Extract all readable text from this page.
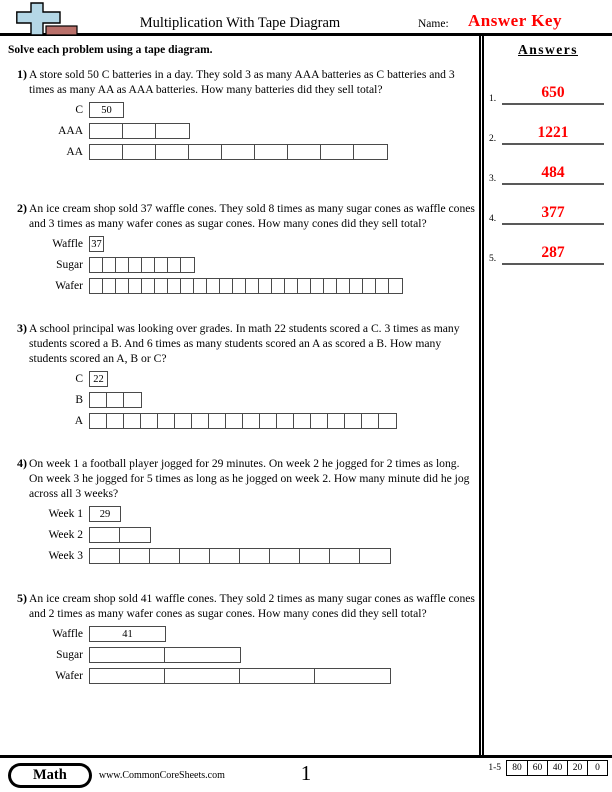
Multiplication With Tape Diagram	Name:	Answer Key
Solve each problem using a tape diagram.
1) A store sold 50 C batteries in a day. They sold 3 as many AAA batteries as C batteries and 3 times as many AA as AAA batteries. How many batteries did they sell total?
C	50
AAA
AA
2) An ice cream shop sold 37 waffle cones. They sold 8 times as many sugar cones as waffle cones and 3 times as many wafer cones as sugar cones. How many cones did they sell total?
Waffle 37
Sugar
Wafer
3) A school principal was looking over grades. In math 22 students scored a C. 3 times as many students scored a B. And 6 times as many students scored an A as scored a B. How many students scored an A, B or C?
C 22
B
A
4) On week 1 a football player jogged for 29 minutes. On week 2 he jogged for 2 times as long. On week 3 he jogged for 5 times as long as he jogged on week 2. How many minute did he jog across all 3 weeks?
Week 1	29
Week 2
Week 3
5) An ice cream shop sold 41 waffle cones. They sold 2 times as many sugar cones as waffle cones and 2 times as many wafer cones as sugar cones. How many cones did they sell total?
Waffle	41
Sugar
Wafer
Answers
1.	650
2.	1221
3.	484
4.	377
5.	287
Math	www.CommonCoreSheets.com	1	1-5	80	60	40	20	0
